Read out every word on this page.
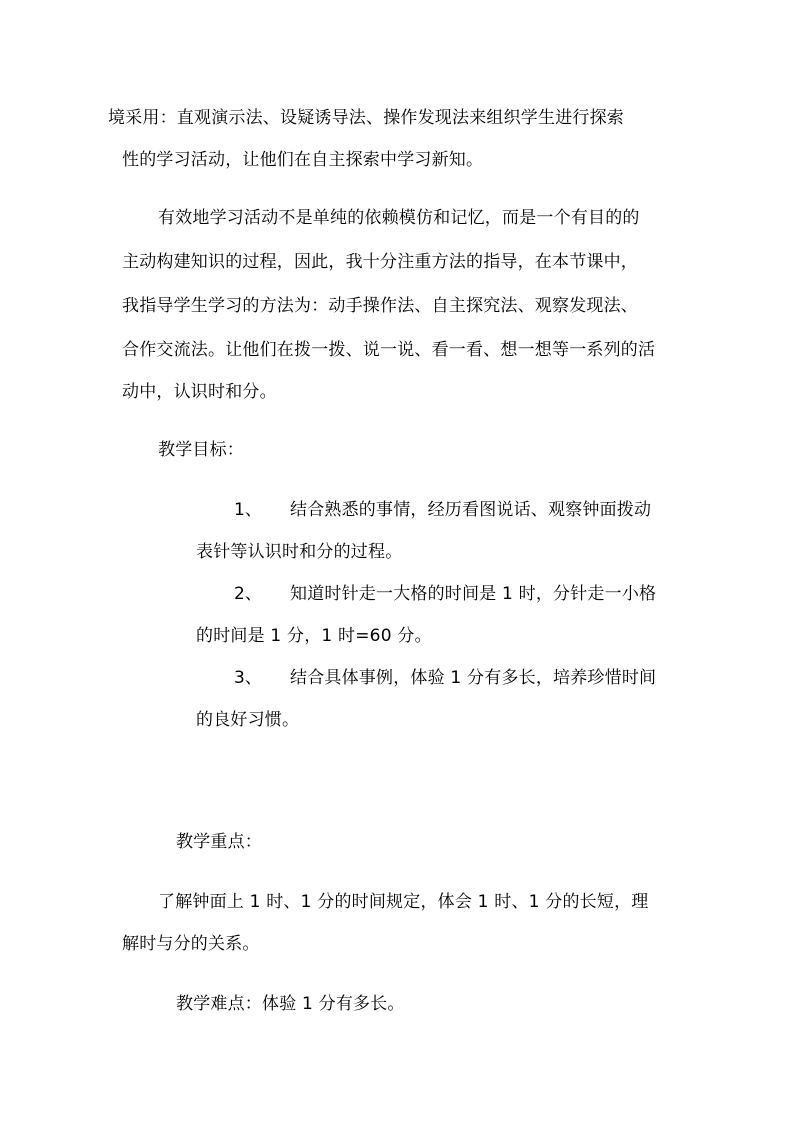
境采用：直观演示法、设疑诱导法、操作发现法来组织学生进行探索
性的学习活动，让他们在自主探索中学习新知。
有效地学习活动不是单纯的依赖模仿和记忆，而是一个有目的的
主动构建知识的过程，因此，我十分注重方法的指导，在本节课中，
我指导学生学习的方法为：动手操作法、自主探究法、观察发现法、
合作交流法。让他们在拨一拨、说一说、看一看、想一想等一系列的活
动中，认识时和分。
教学目标：
1、 结合熟悉的事情，经历看图说话、观察钟面拨动
表针等认识时和分的过程。
2、 知道时针走一大格的时间是 1 时，分针走一小格
的时间是 1 分，1 时=60 分。
3、 结合具体事例，体验 1 分有多长，培养珍惜时间
的良好习惯。
教学重点：
了解钟面上 1 时、1 分的时间规定，体会 1 时、1 分的长短，理
解时与分的关系。
教学难点：体验 1 分有多长。
